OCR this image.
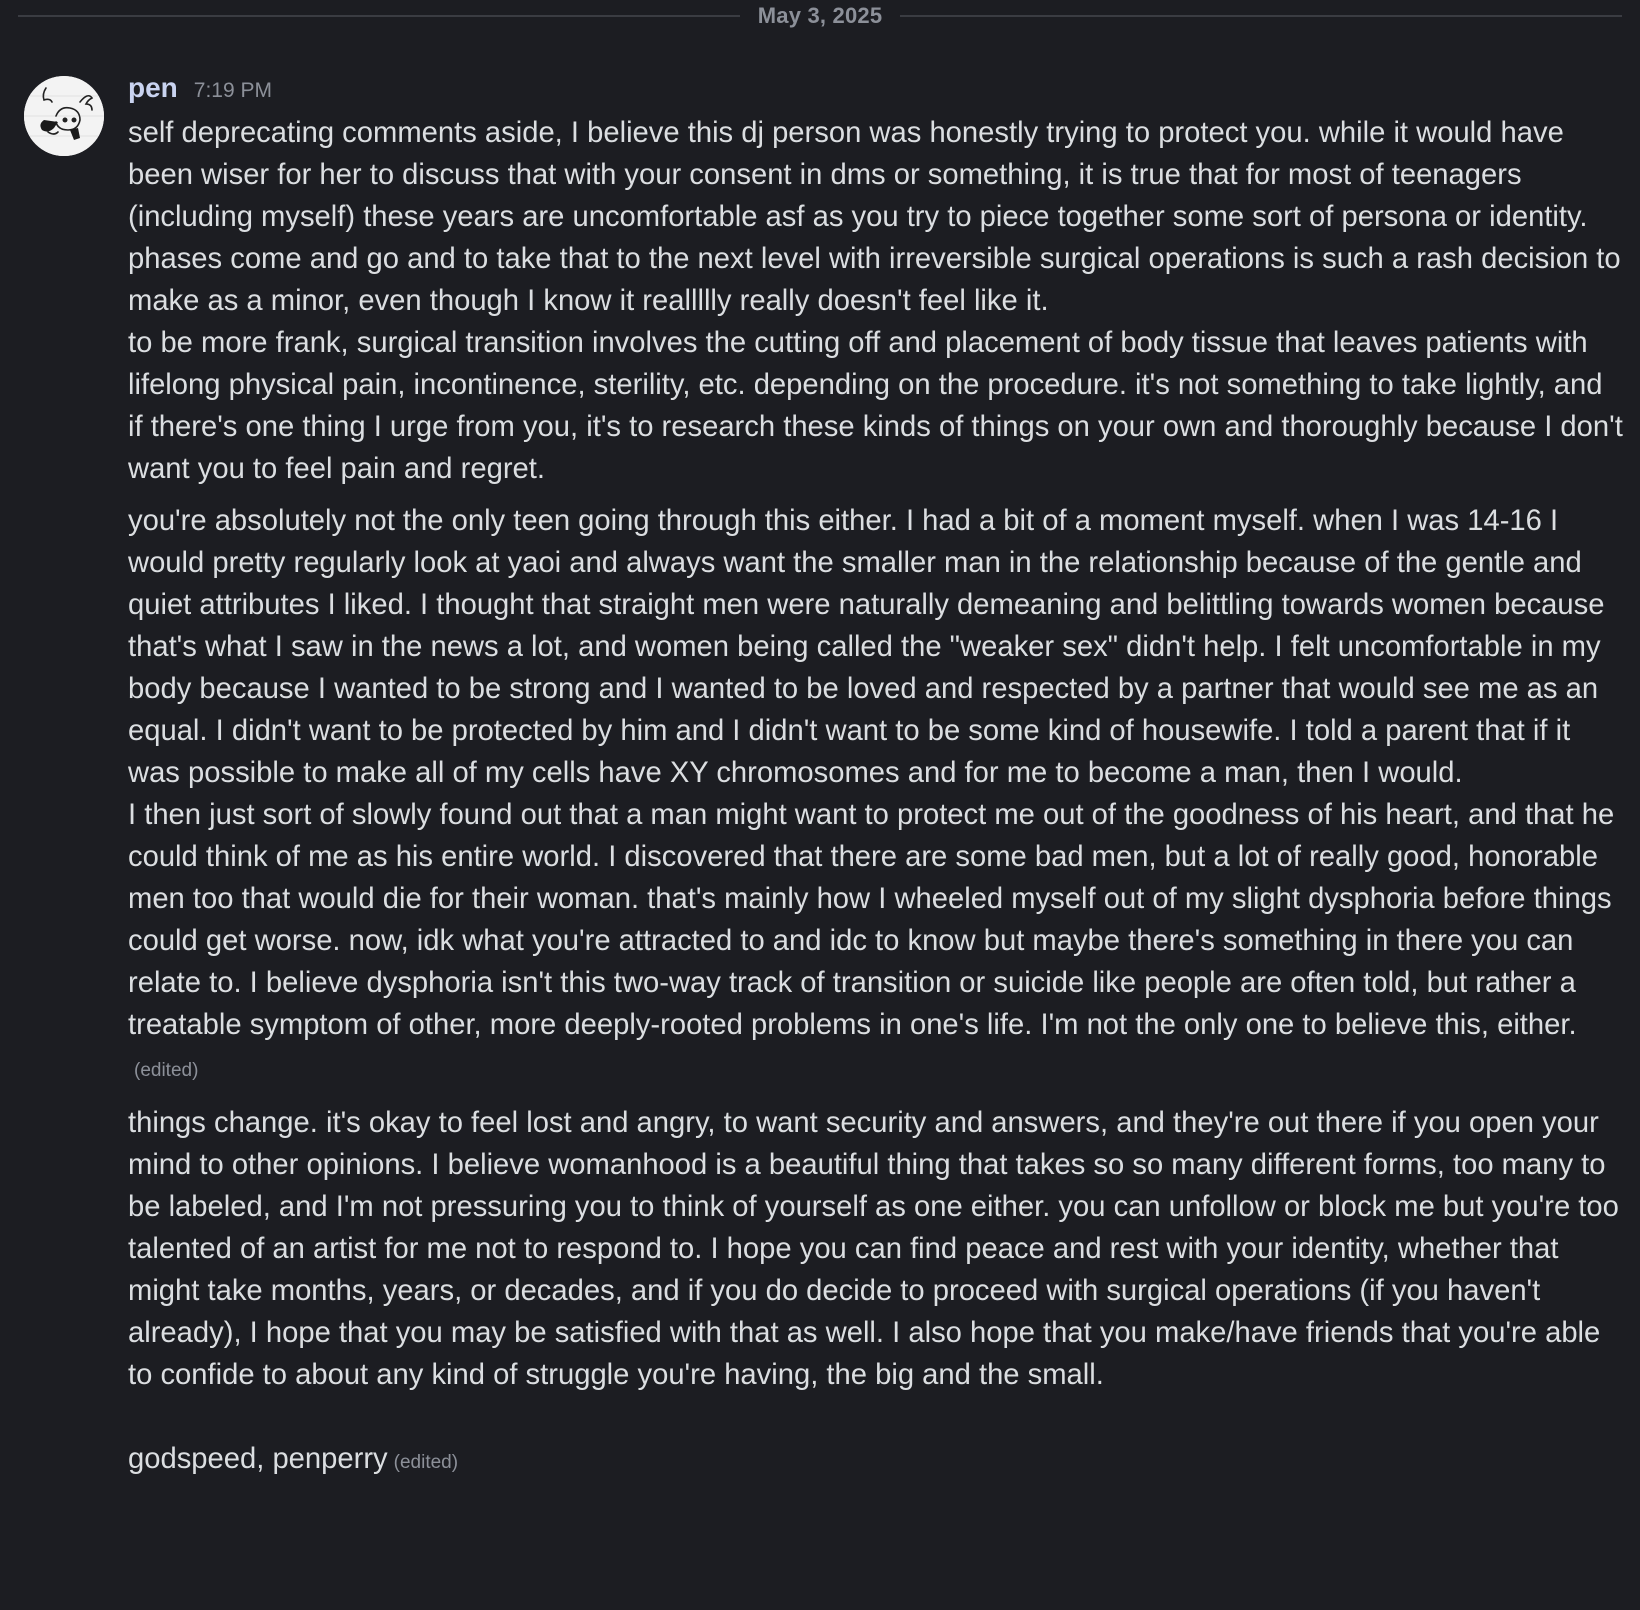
May 3, 2025
pen 7:19 PM

self deprecating comments aside, I believe this dj person was honestly trying to protect you. while it would have been wiser for her to discuss that with your consent in dms or something, it is true that for most of teenagers (including myself) these years are uncomfortable asf as you try to piece together some sort of persona or identity. phases come and go and to take that to the next level with irreversible surgical operations is such a rash decision to make as a minor, even though I know it reallllly really doesn't feel like it.

to be more frank, surgical transition involves the cutting off and placement of body tissue that leaves patients with lifelong physical pain, incontinence, sterility, etc. depending on the procedure. it's not something to take lightly, and if there's one thing I urge from you, it's to research these kinds of things on your own and thoroughly because I don't want you to feel pain and regret.

you're absolutely not the only teen going through this either. I had a bit of a moment myself. when I was 14-16 I would pretty regularly look at yaoi and always want the smaller man in the relationship because of the gentle and quiet attributes I liked. I thought that straight men were naturally demeaning and belittling towards women because that's what I saw in the news a lot, and women being called the "weaker sex" didn't help. I felt uncomfortable in my body because I wanted to be strong and I wanted to be loved and respected by a partner that would see me as an equal. I didn't want to be protected by him and I didn't want to be some kind of housewife. I told a parent that if it was possible to make all of my cells have XY chromosomes and for me to become a man, then I would.

I then just sort of slowly found out that a man might want to protect me out of the goodness of his heart, and that he could think of me as his entire world. I discovered that there are some bad men, but a lot of really good, honorable men too that would die for their woman. that's mainly how I wheeled myself out of my slight dysphoria before things could get worse. now, idk what you're attracted to and idc to know but maybe there's something in there you can relate to. I believe dysphoria isn't this two-way track of transition or suicide like people are often told, but rather a treatable symptom of other, more deeply-rooted problems in one's life. I'm not the only one to believe this, either.(edited)

things change. it's okay to feel lost and angry, to want security and answers, and they're out there if you open your mind to other opinions. I believe womanhood is a beautiful thing that takes so so many different forms, too many to be labeled, and I'm not pressuring you to think of yourself as one either. you can unfollow or block me but you're too talented of an artist for me not to respond to. I hope you can find peace and rest with your identity, whether that might take months, years, or decades, and if you do decide to proceed with surgical operations (if you haven't already), I hope that you may be satisfied with that as well. I also hope that you make/have friends that you're able to confide to about any kind of struggle you're having, the big and the small.

godspeed, penperry (edited)
